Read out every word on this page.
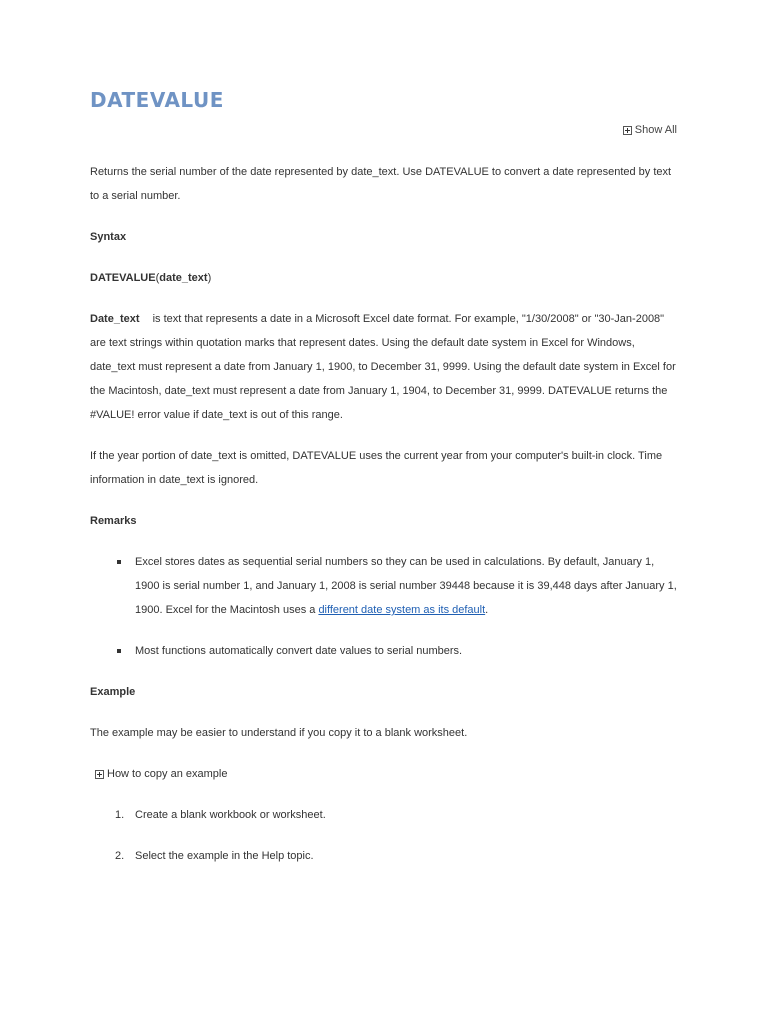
DATEVALUE
Show All

Returns the serial number of the date represented by date_text. Use DATEVALUE to convert a date represented by text to a serial number.

Syntax

DATEVALUE(date_text)

Date_text is text that represents a date in a Microsoft Excel date format. For example, "1/30/2008" or "30-Jan-2008" are text strings within quotation marks that represent dates. Using the default date system in Excel for Windows, date_text must represent a date from January 1, 1900, to December 31, 9999. Using the default date system in Excel for the Macintosh, date_text must represent a date from January 1, 1904, to December 31, 9999. DATEVALUE returns the #VALUE! error value if date_text is out of this range.

If the year portion of date_text is omitted, DATEVALUE uses the current year from your computer's built-in clock. Time information in date_text is ignored.

Remarks

Excel stores dates as sequential serial numbers so they can be used in calculations. By default, January 1, 1900 is serial number 1, and January 1, 2008 is serial number 39448 because it is 39,448 days after January 1, 1900. Excel for the Macintosh uses a different date system as its default.
Most functions automatically convert date values to serial numbers.

Example

The example may be easier to understand if you copy it to a blank worksheet.

How to copy an example
1. Create a blank workbook or worksheet.
2. Select the example in the Help topic.
